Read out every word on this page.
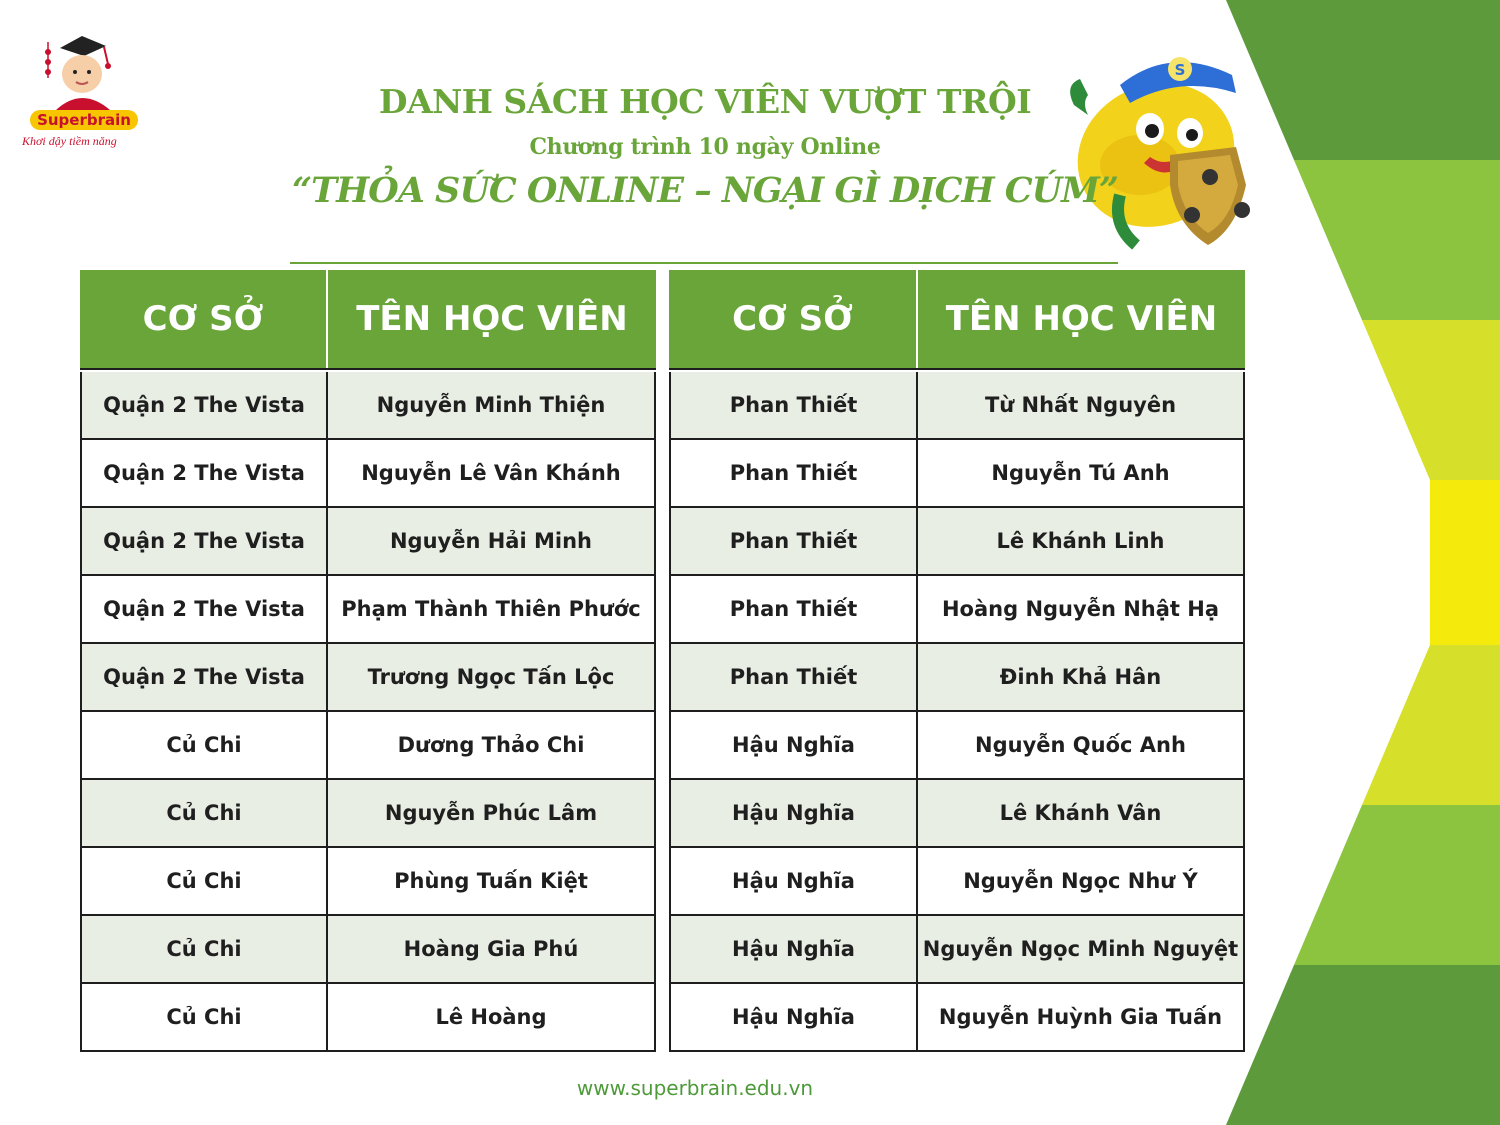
Superbrain
Khơi dậy tiềm năng
S
DANH SÁCH HỌC VIÊN VƯỢT TRỘI
Chương trình 10 ngày Online
“THỎA SỨC ONLINE – NGẠI GÌ DỊCH CÚM”
CƠ SỞ	TÊN HỌC VIÊN

Quận 2 The Vista	Nguyễn Minh Thiện
Quận 2 The Vista	Nguyễn Lê Vân Khánh
Quận 2 The Vista	Nguyễn Hải Minh
Quận 2 The Vista	Phạm Thành Thiên Phước
Quận 2 The Vista	Trương Ngọc Tấn Lộc
Củ Chi	Dương Thảo Chi
Củ Chi	Nguyễn Phúc Lâm
Củ Chi	Phùng Tuấn Kiệt
Củ Chi	Hoàng Gia Phú
Củ Chi	Lê Hoàng
CƠ SỞ	TÊN HỌC VIÊN

Phan Thiết	Từ Nhất Nguyên
Phan Thiết	Nguyễn Tú Anh
Phan Thiết	Lê Khánh Linh
Phan Thiết	Hoàng Nguyễn Nhật Hạ
Phan Thiết	Đinh Khả Hân
Hậu Nghĩa	Nguyễn Quốc Anh
Hậu Nghĩa	Lê Khánh Vân
Hậu Nghĩa	Nguyễn Ngọc Như Ý
Hậu Nghĩa	Nguyễn Ngọc Minh Nguyệt
Hậu Nghĩa	Nguyễn Huỳnh Gia Tuấn
www.superbrain.edu.vn
